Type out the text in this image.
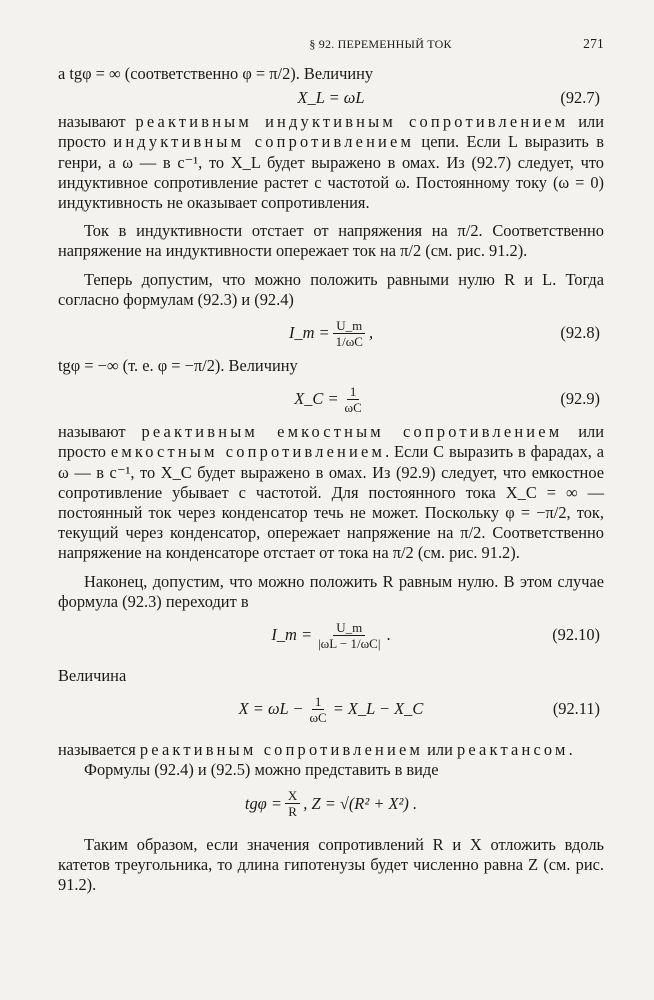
§ 92. ПЕРЕМЕННЫЙ ТОК	271

а tgφ = ∞ (соответственно φ = π/2). Величину

X_L = ωL	(92.7)

называют реактивным индуктивным сопротивлением или просто индуктивным сопротивлением цепи. Если L выразить в генри, а ω — в с⁻¹, то X_L будет выражено в омах. Из (92.7) следует, что индуктивное сопротивление растет с частотой ω. Постоянному току (ω = 0) индуктивность не оказывает сопротивления.

Ток в индуктивности отстает от напряжения на π/2. Соответственно напряжение на индуктивности опережает ток на π/2 (см. рис. 91.2).

Теперь допустим, что можно положить равными нулю R и L. Тогда согласно формулам (92.3) и (92.4)

I_m = $\frac{U\_m}{1/\omega C}$ ,	(92.8)

tgφ = −∞ (т. е. φ = −π/2). Величину

X_C = $\frac{1}{\omega C}$	(92.9)

называют реактивным емкостным сопротивлением или просто емкостным сопротивлением. Если C выразить в фарадах, а ω — в с⁻¹, то X_C будет выражено в омах. Из (92.9) следует, что емкостное сопротивление убывает с частотой. Для постоянного тока X_C = ∞ — постоянный ток через конденсатор течь не может. Поскольку φ = −π/2, ток, текущий через конденсатор, опережает напряжение на π/2. Соответственно напряжение на конденсаторе отстает от тока на π/2 (см. рис. 91.2).

Наконец, допустим, что можно положить R равным нулю. В этом случае формула (92.3) переходит в

I_m = $\frac{U\_m}{|\omega L - 1/\omega C|}$ .	(92.10)

Величина

$X = \omega L - \frac{1}{\omega C}$ = X_L − X_C	(92.11)

называется реактивным сопротивлением или реактансом.

Формулы (92.4) и (92.5) можно представить в виде

$tg\varphi = \frac{X}{R}$ , Z = √(R² + X²) .

Таким образом, если значения сопротивлений R и X отложить вдоль катетов треугольника, то длина гипотенузы будет численно равна Z (см. рис. 91.2).
